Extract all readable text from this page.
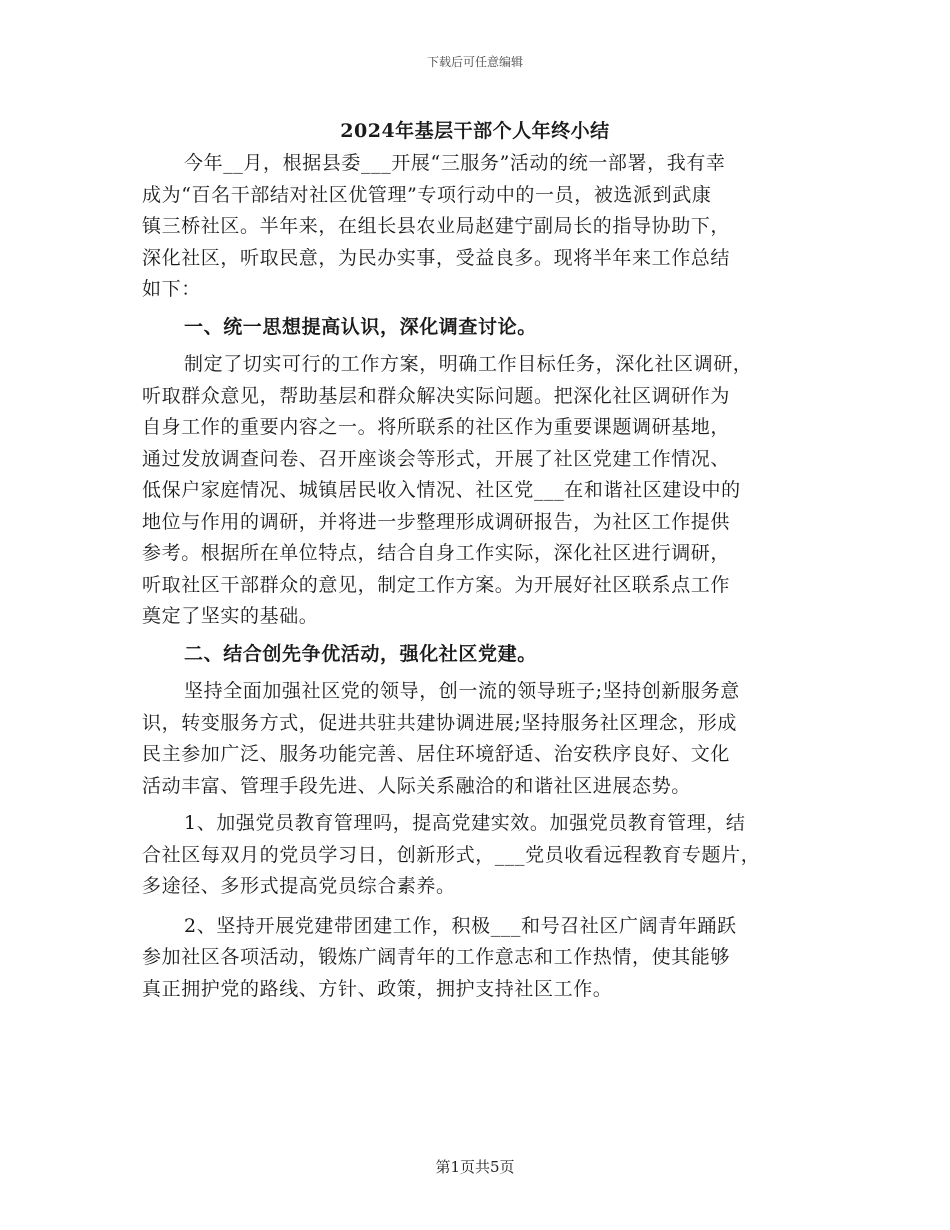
下载后可任意编辑
2024年基层干部个人年终小结

今年__月，根据县委___开展“三服务”活动的统一部署，我有幸
成为“百名干部结对社区优管理”专项行动中的一员，被选派到武康
镇三桥社区。半年来，在组长县农业局赵建宁副局长的指导协助下，
深化社区，听取民意，为民办实事，受益良多。现将半年来工作总结
如下：

一、统一思想提高认识，深化调查讨论。

制定了切实可行的工作方案，明确工作目标任务，深化社区调研，
听取群众意见，帮助基层和群众解决实际问题。把深化社区调研作为
自身工作的重要内容之一。将所联系的社区作为重要课题调研基地，
通过发放调查问卷、召开座谈会等形式，开展了社区党建工作情况、
低保户家庭情况、城镇居民收入情况、社区党___在和谐社区建设中的
地位与作用的调研，并将进一步整理形成调研报告，为社区工作提供
参考。根据所在单位特点，结合自身工作实际，深化社区进行调研，
听取社区干部群众的意见，制定工作方案。为开展好社区联系点工作
奠定了坚实的基础。

二、结合创先争优活动，强化社区党建。

坚持全面加强社区党的领导，创一流的领导班子;坚持创新服务意
识，转变服务方式，促进共驻共建协调进展;坚持服务社区理念，形成
民主参加广泛、服务功能完善、居住环境舒适、治安秩序良好、文化
活动丰富、管理手段先进、人际关系融洽的和谐社区进展态势。

1、加强党员教育管理吗，提高党建实效。加强党员教育管理，结
合社区每双月的党员学习日，创新形式，___党员收看远程教育专题片，
多途径、多形式提高党员综合素养。

2、坚持开展党建带团建工作，积极___和号召社区广阔青年踊跃
参加社区各项活动，锻炼广阔青年的工作意志和工作热情，使其能够
真正拥护党的路线、方针、政策，拥护支持社区工作。

第1页共5页
